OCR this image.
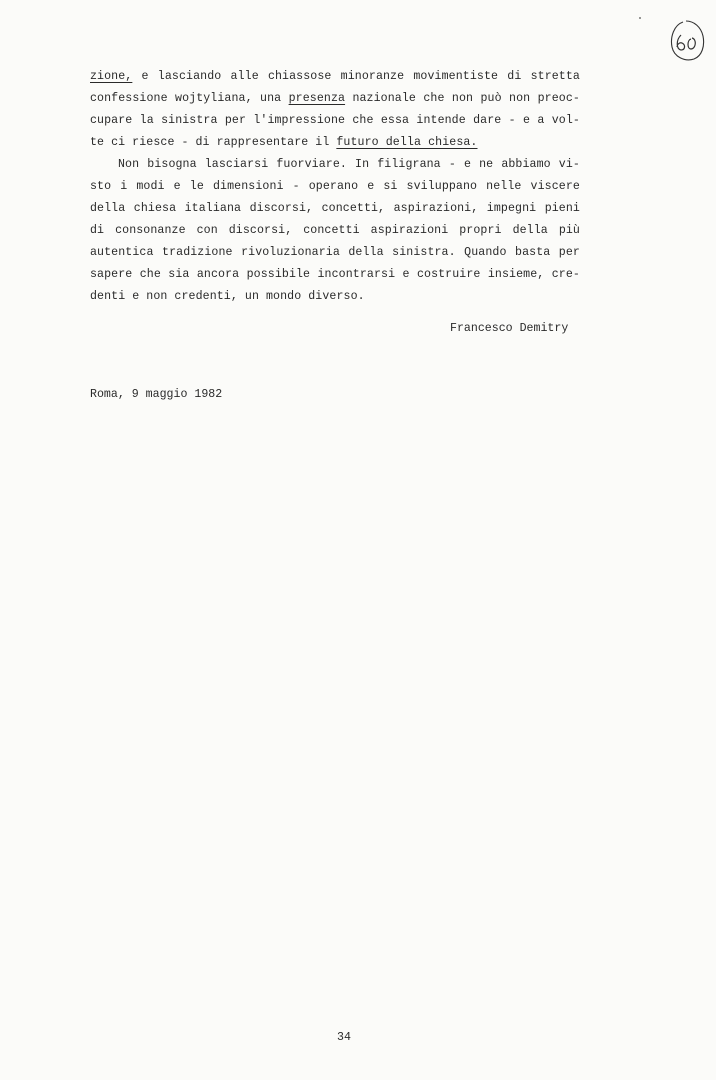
zione, e lasciando alle chiassose minoranze movimentiste di stretta
confessione wojtyliana, una presenza nazionale che non può non preoc-
cupare la sinistra per l'impressione che essa intende dare - e a vol-
te ci riesce - di rappresentare il futuro della chiesa.
Non bisogna lasciarsi fuorviare. In filigrana - e ne abbiamo vi-
sto i modi e le dimensioni - operano e si sviluppano nelle viscere
della chiesa italiana discorsi, concetti, aspirazioni, impegni pieni
di consonanze con discorsi, concetti aspirazioni propri della più
autentica tradizione rivoluzionaria della sinistra. Quando basta per
sapere che sia ancora possibile incontrarsi e costruire insieme, cre-
denti e non credenti, un mondo diverso.
Francesco Demitry
Roma, 9 maggio 1982
34
